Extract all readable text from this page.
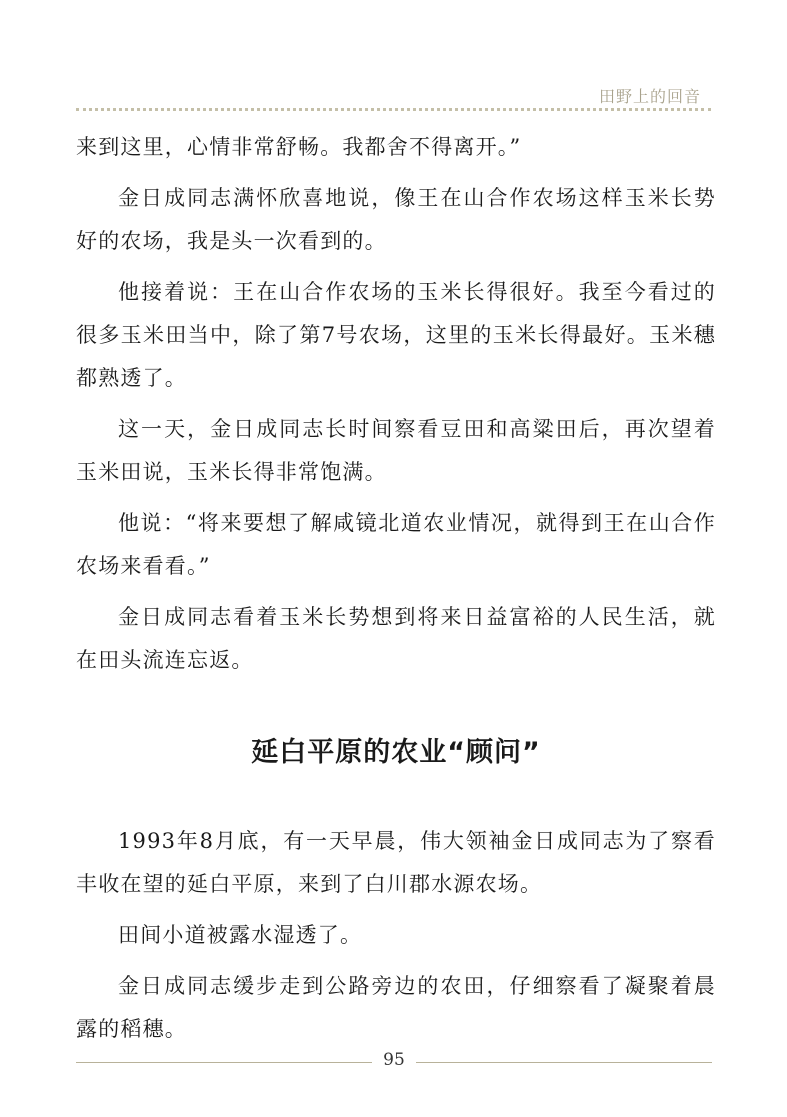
田野上的回音

来到这里，心情非常舒畅。我都舍不得离开。”

金日成同志满怀欣喜地说，像王在山合作农场这样玉米长势好的农场，我是头一次看到的。

他接着说：王在山合作农场的玉米长得很好。我至今看过的很多玉米田当中，除了第7号农场，这里的玉米长得最好。玉米穗都熟透了。

这一天，金日成同志长时间察看豆田和高粱田后，再次望着玉米田说，玉米长得非常饱满。

他说：“将来要想了解咸镜北道农业情况，就得到王在山合作农场来看看。”

金日成同志看着玉米长势想到将来日益富裕的人民生活，就在田头流连忘返。

延白平原的农业“顾问”

1993年8月底，有一天早晨，伟大领袖金日成同志为了察看丰收在望的延白平原，来到了白川郡水源农场。

田间小道被露水湿透了。

金日成同志缓步走到公路旁边的农田，仔细察看了凝聚着晨露的稻穗。

95
